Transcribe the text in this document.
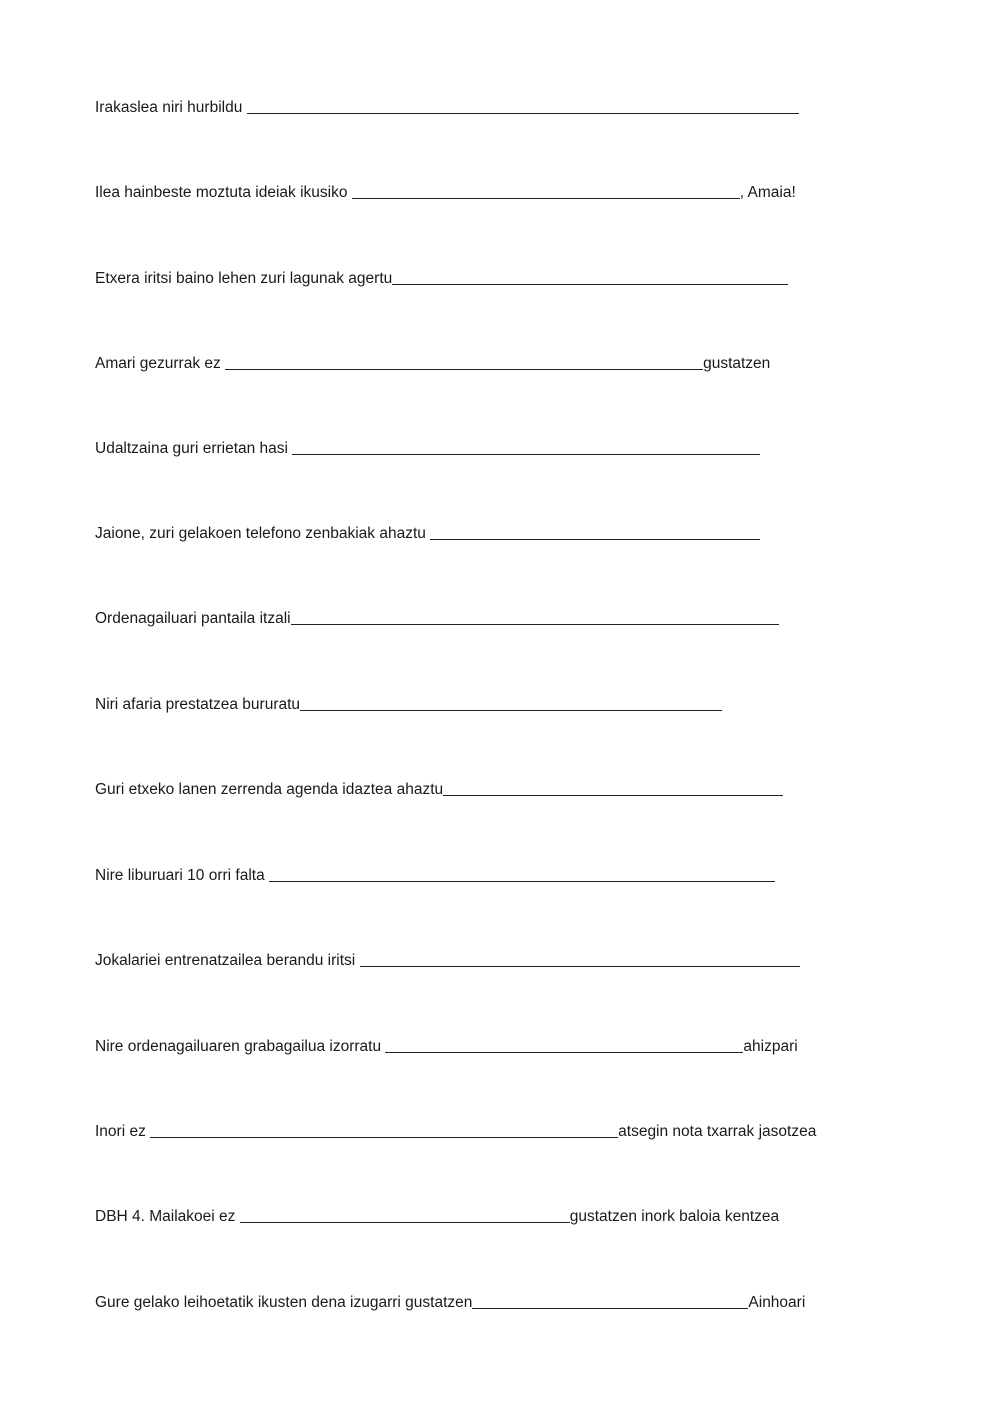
Irakaslea niri hurbildu
Ilea hainbeste moztuta ideiak ikusiko	, Amaia!
Etxera iritsi baino lehen zuri lagunak agertu
Amari gezurrak ez	gustatzen
Udaltzaina guri errietan hasi
Jaione, zuri gelakoen telefono zenbakiak ahaztu
Ordenagailuari pantaila itzali
Niri afaria prestatzea bururatu
Guri etxeko lanen zerrenda agenda idaztea ahaztu
Nire liburuari 10 orri falta
Jokalariei entrenatzailea berandu iritsi
Nire ordenagailuaren grabagailua izorratu	ahizpari
Inori ez	atsegin nota txarrak jasotzea
DBH 4. Mailakoei ez	gustatzen inork baloia kentzea
Gure gelako leihoetatik ikusten dena izugarri gustatzen	Ainhoari
